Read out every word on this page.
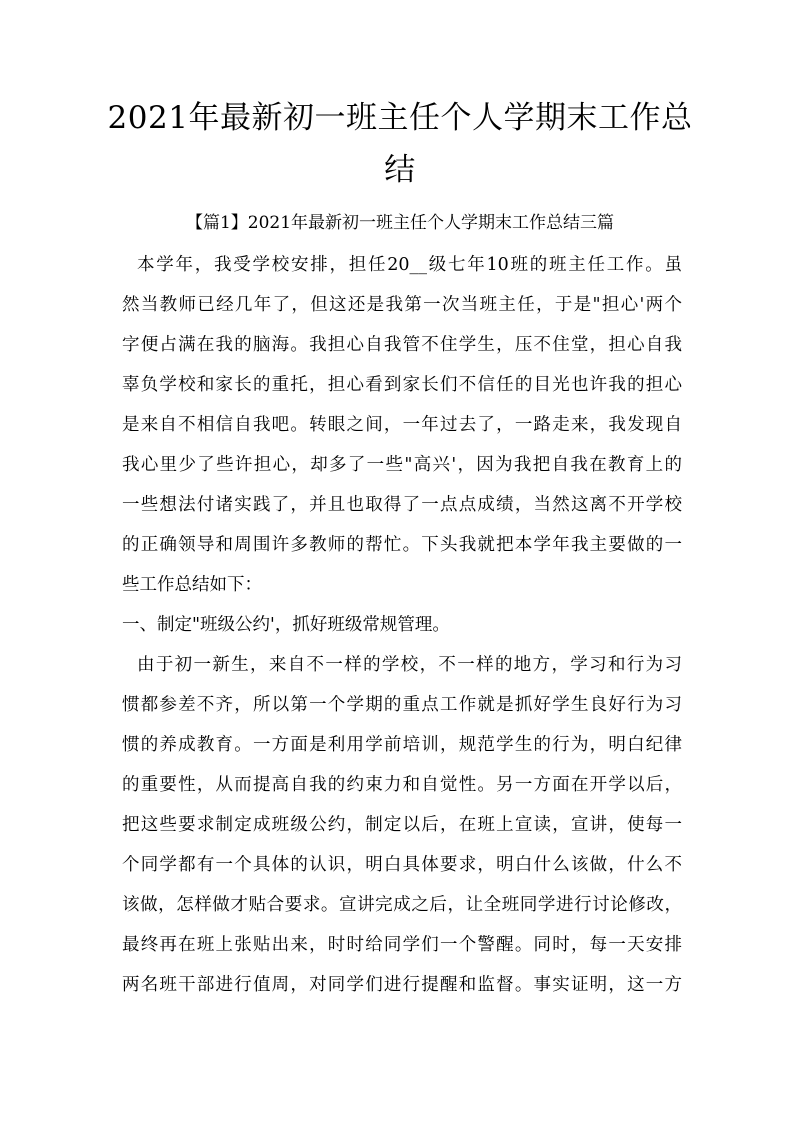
2021年最新初一班主任个人学期末工作总
结
【篇1】2021年最新初一班主任个人学期末工作总结三篇
本学年，我受学校安排，担任20__级七年10班的班主任工作。虽
然当教师已经几年了，但这还是我第一次当班主任，于是"担心'两个
字便占满在我的脑海。我担心自我管不住学生，压不住堂，担心自我
辜负学校和家长的重托，担心看到家长们不信任的目光也许我的担心
是来自不相信自我吧。转眼之间，一年过去了，一路走来，我发现自
我心里少了些许担心，却多了一些"高兴'，因为我把自我在教育上的
一些想法付诸实践了，并且也取得了一点点成绩，当然这离不开学校
的正确领导和周围许多教师的帮忙。下头我就把本学年我主要做的一
些工作总结如下：
一、制定"班级公约'，抓好班级常规管理。
由于初一新生，来自不一样的学校，不一样的地方，学习和行为习
惯都参差不齐，所以第一个学期的重点工作就是抓好学生良好行为习
惯的养成教育。一方面是利用学前培训，规范学生的行为，明白纪律
的重要性，从而提高自我的约束力和自觉性。另一方面在开学以后，
把这些要求制定成班级公约，制定以后，在班上宣读，宣讲，使每一
个同学都有一个具体的认识，明白具体要求，明白什么该做，什么不
该做，怎样做才贴合要求。宣讲完成之后，让全班同学进行讨论修改，
最终再在班上张贴出来，时时给同学们一个警醒。同时，每一天安排
两名班干部进行值周，对同学们进行提醒和监督。事实证明，这一方
